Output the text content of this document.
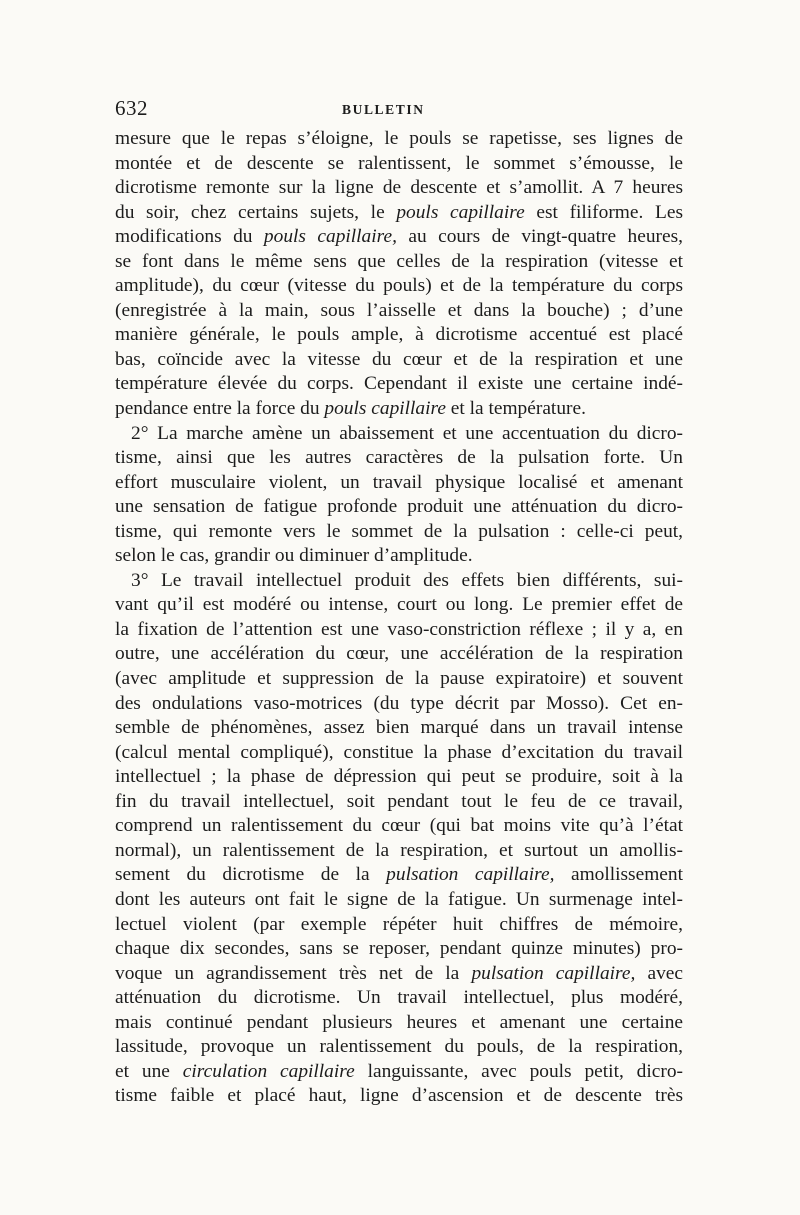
632	BULLETIN
mesure que le repas s’éloigne, le pouls se rapetisse, ses lignes de
montée et de descente se ralentissent, le sommet s’émousse, le
dicrotisme remonte sur la ligne de descente et s’amollit. A 7 heures
du soir, chez certains sujets, le pouls capillaire est filiforme. Les
modifications du pouls capillaire, au cours de vingt-quatre heures,
se font dans le même sens que celles de la respiration (vitesse et
amplitude), du cœur (vitesse du pouls) et de la température du corps
(enregistrée à la main, sous l’aisselle et dans la bouche) ; d’une
manière générale, le pouls ample, à dicrotisme accentué est placé
bas, coïncide avec la vitesse du cœur et de la respiration et une
température élevée du corps. Cependant il existe une certaine indé-
pendance entre la force du pouls capillaire et la température.
2° La marche amène un abaissement et une accentuation du dicro-
tisme, ainsi que les autres caractères de la pulsation forte. Un
effort musculaire violent, un travail physique localisé et amenant
une sensation de fatigue profonde produit une atténuation du dicro-
tisme, qui remonte vers le sommet de la pulsation : celle-ci peut,
selon le cas, grandir ou diminuer d’amplitude.
3° Le travail intellectuel produit des effets bien différents, sui-
vant qu’il est modéré ou intense, court ou long. Le premier effet de
la fixation de l’attention est une vaso-constriction réflexe ; il y a, en
outre, une accélération du cœur, une accélération de la respiration
(avec amplitude et suppression de la pause expiratoire) et souvent
des ondulations vaso-motrices (du type décrit par Mosso). Cet en-
semble de phénomènes, assez bien marqué dans un travail intense
(calcul mental compliqué), constitue la phase d’excitation du travail
intellectuel ; la phase de dépression qui peut se produire, soit à la
fin du travail intellectuel, soit pendant tout le feu de ce travail,
comprend un ralentissement du cœur (qui bat moins vite qu’à l’état
normal), un ralentissement de la respiration, et surtout un amollis-
sement du dicrotisme de la pulsation capillaire, amollissement
dont les auteurs ont fait le signe de la fatigue. Un surmenage intel-
lectuel violent (par exemple répéter huit chiffres de mémoire,
chaque dix secondes, sans se reposer, pendant quinze minutes) pro-
voque un agrandissement très net de la pulsation capillaire, avec
atténuation du dicrotisme. Un travail intellectuel, plus modéré,
mais continué pendant plusieurs heures et amenant une certaine
lassitude, provoque un ralentissement du pouls, de la respiration,
et une circulation capillaire languissante, avec pouls petit, dicro-
tisme faible et placé haut, ligne d’ascension et de descente très
